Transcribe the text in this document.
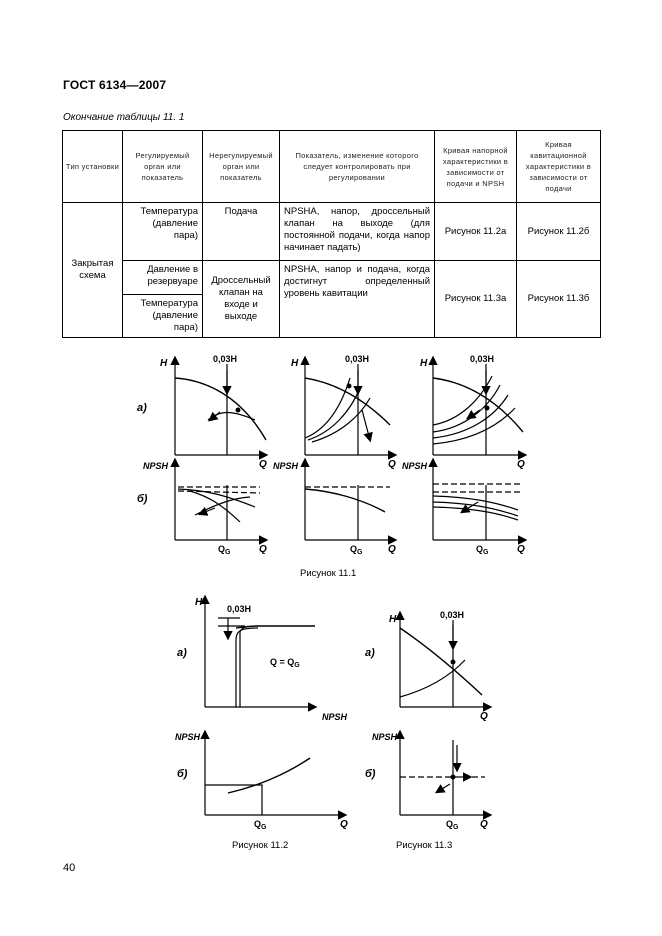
ГОСТ 6134—2007
Окончание таблицы 11. 1
Тип установки	Регулируемый орган или показатель	Нерегулируемый орган или показатель	Показатель, изменение которого следует контролировать при регулировании	Кривая напорной характеристики в зависимости от подачи и NPSH	Кривая кавитационной характеристики в зависимости от подачи
Закрытая схема	Температура (давление пара)	Подача	NPSHA, напор, дроссельный клапан на выходе (для постоянной подачи, когда напор начинает падать)	Рисунок 11.2а	Рисунок 11.2б
	Давление в резервуаре	Дроссельный клапан на входе и выходе	NPSHA, напор и подача, когда достигнут определенный уровень кавитации	Рисунок 11.3а	Рисунок 11.3б
	Температура (давление пара)				
а)
б)
H	0,03H
Q
NPSH
Q
$Q_G$
H	0,03H
Q
NPSH
Q
$Q_G$
H	0,03H
Q
NPSH
Q
$Q_G$
а)
H
0,03H
$Q = Q_G$
NPSH
б)
NPSH
Q
$Q_G$
а)
H	0,03H
Q
б)
NPSH
Q
$Q_G$
Рисунок 11.1
Рисунок 11.2	Рисунок 11.3
40
